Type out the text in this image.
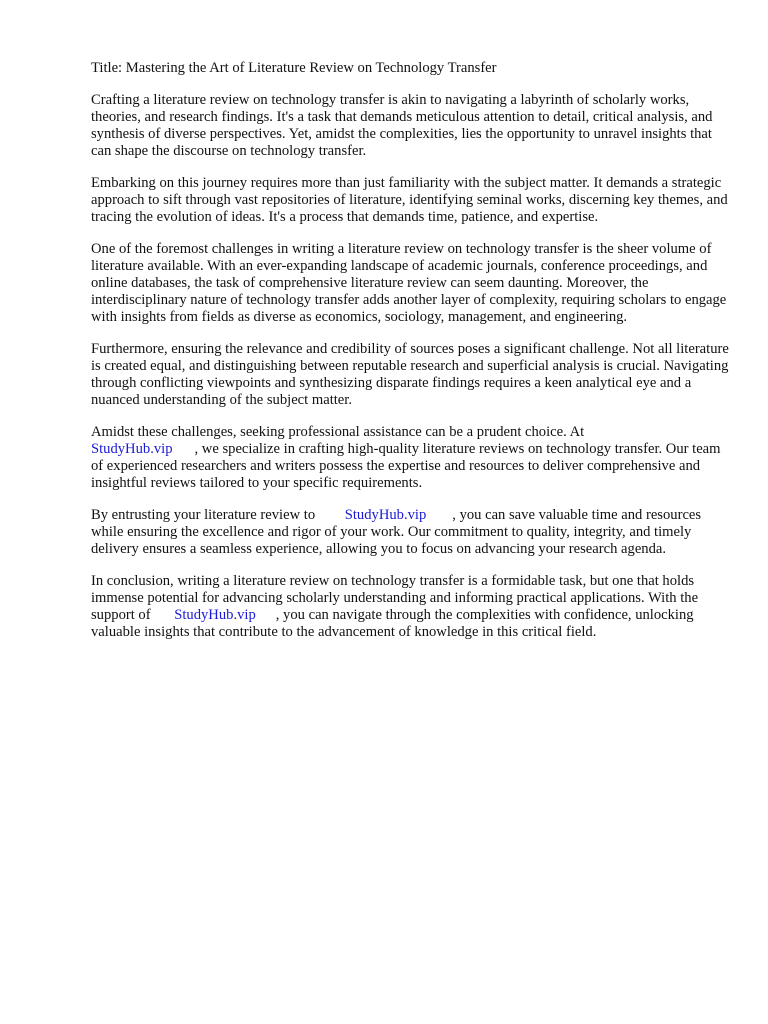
Title: Mastering the Art of Literature Review on Technology Transfer

Crafting a literature review on technology transfer is akin to navigating a labyrinth of scholarly works, theories, and research findings. It's a task that demands meticulous attention to detail, critical analysis, and synthesis of diverse perspectives. Yet, amidst the complexities, lies the opportunity to unravel insights that can shape the discourse on technology transfer.

Embarking on this journey requires more than just familiarity with the subject matter. It demands a strategic approach to sift through vast repositories of literature, identifying seminal works, discerning key themes, and tracing the evolution of ideas. It's a process that demands time, patience, and expertise.

One of the foremost challenges in writing a literature review on technology transfer is the sheer volume of literature available. With an ever-expanding landscape of academic journals, conference proceedings, and online databases, the task of comprehensive literature review can seem daunting. Moreover, the interdisciplinary nature of technology transfer adds another layer of complexity, requiring scholars to engage with insights from fields as diverse as economics, sociology, management, and engineering.

Furthermore, ensuring the relevance and credibility of sources poses a significant challenge. Not all literature is created equal, and distinguishing between reputable research and superficial analysis is crucial. Navigating through conflicting viewpoints and synthesizing disparate findings requires a keen analytical eye and a nuanced understanding of the subject matter.

Amidst these challenges, seeking professional assistance can be a prudent choice. At
StudyHub.vip , we specialize in crafting high-quality literature reviews on technology transfer. Our team of experienced researchers and writers possess the expertise and resources to deliver comprehensive and insightful reviews tailored to your specific requirements.

By entrusting your literature review to StudyHub.vip , you can save valuable time and resources while ensuring the excellence and rigor of your work. Our commitment to quality, integrity, and timely delivery ensures a seamless experience, allowing you to focus on advancing your research agenda.

In conclusion, writing a literature review on technology transfer is a formidable task, but one that holds immense potential for advancing scholarly understanding and informing practical applications. With the support of StudyHub.vip , you can navigate through the complexities with confidence, unlocking valuable insights that contribute to the advancement of knowledge in this critical field.
